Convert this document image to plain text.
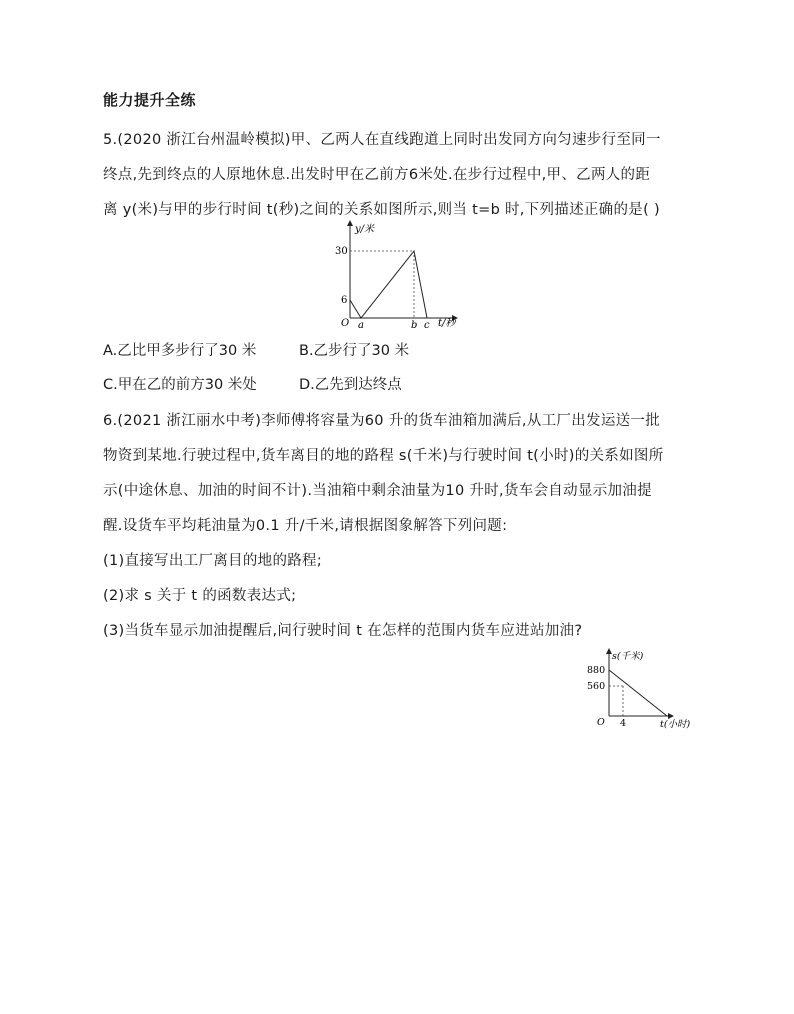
能力提升全练
5.(2020 浙江台州温岭模拟)甲、乙两人在直线跑道上同时出发同方向匀速步行至同一
终点,先到终点的人原地休息.出发时甲在乙前方6米处.在步行过程中,甲、乙两人的距
离 y(米)与甲的步行时间 t(秒)之间的关系如图所示,则当 t=b 时,下列描述正确的是( )
y/米
t/秒
O
30
6
a	b c
A.乙比甲多步行了30 米	B.乙步行了30 米
C.甲在乙的前方30 米处	D.乙先到达终点
6.(2021 浙江丽水中考)李师傅将容量为60 升的货车油箱加满后,从工厂出发运送一批
物资到某地.行驶过程中,货车离目的地的路程 s(千米)与行驶时间 t(小时)的关系如图所
示(中途休息、加油的时间不计).当油箱中剩余油量为10 升时,货车会自动显示加油提
醒.设货车平均耗油量为0.1 升/千米,请根据图象解答下列问题:
(1)直接写出工厂离目的地的路程;
(2)求 s 关于 t 的函数表达式;
(3)当货车显示加油提醒后,问行驶时间 t 在怎样的范围内货车应进站加油?
s(千米)
t(小时)
O
880
560
4
